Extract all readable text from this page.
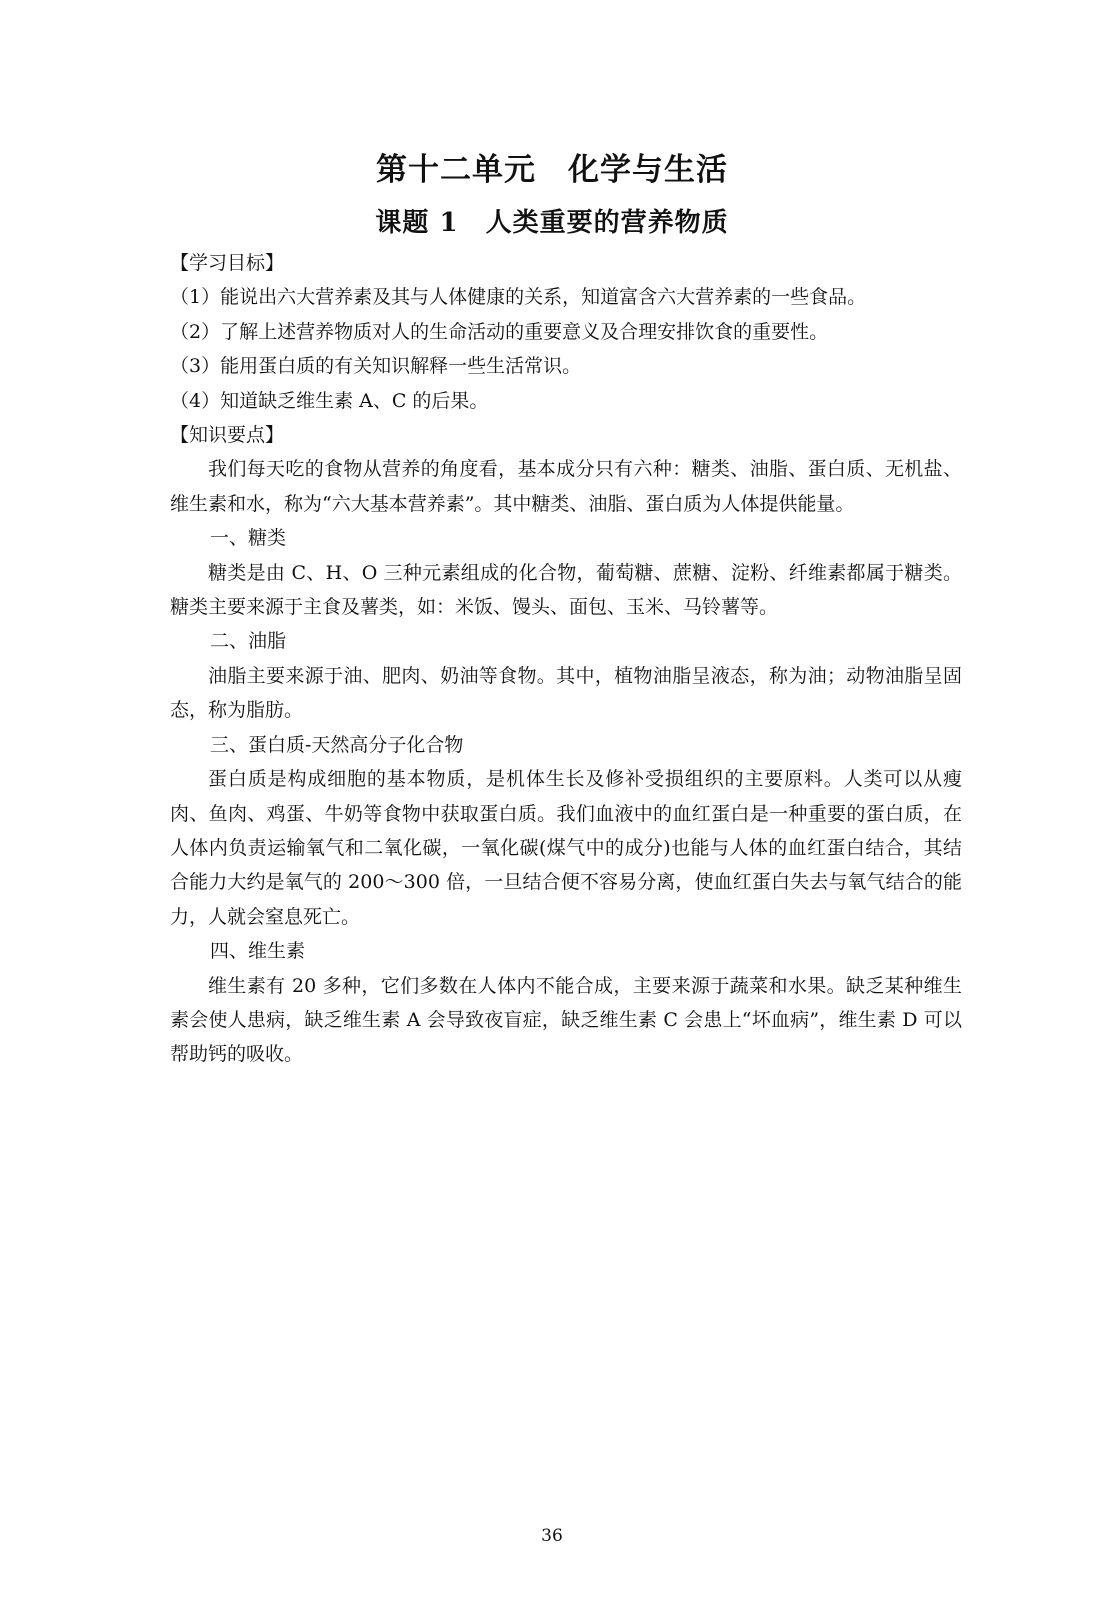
第十二单元　化学与生活
课题 1　人类重要的营养物质
【学习目标】
（1）能说出六大营养素及其与人体健康的关系，知道富含六大营养素的一些食品。
（2）了解上述营养物质对人的生命活动的重要意义及合理安排饮食的重要性。
（3）能用蛋白质的有关知识解释一些生活常识。
（4）知道缺乏维生素 A、C 的后果。
【知识要点】
我们每天吃的食物从营养的角度看，基本成分只有六种：糖类、油脂、蛋白质、无机盐、维生素和水，称为“六大基本营养素”。其中糖类、油脂、蛋白质为人体提供能量。
一、糖类
糖类是由 C、H、O 三种元素组成的化合物，葡萄糖、蔗糖、淀粉、纤维素都属于糖类。糖类主要来源于主食及薯类，如：米饭、馒头、面包、玉米、马铃薯等。
二、油脂
油脂主要来源于油、肥肉、奶油等食物。其中，植物油脂呈液态，称为油；动物油脂呈固态，称为脂肪。
三、蛋白质-天然高分子化合物
蛋白质是构成细胞的基本物质，是机体生长及修补受损组织的主要原料。人类可以从瘦肉、鱼肉、鸡蛋、牛奶等食物中获取蛋白质。我们血液中的血红蛋白是一种重要的蛋白质，在人体内负责运输氧气和二氧化碳，一氧化碳(煤气中的成分)也能与人体的血红蛋白结合，其结合能力大约是氧气的 200～300 倍，一旦结合便不容易分离，使血红蛋白失去与氧气结合的能力，人就会窒息死亡。
四、维生素
维生素有 20 多种，它们多数在人体内不能合成，主要来源于蔬菜和水果。缺乏某种维生素会使人患病，缺乏维生素 A 会导致夜盲症，缺乏维生素 C 会患上“坏血病”，维生素 D 可以帮助钙的吸收。
36
